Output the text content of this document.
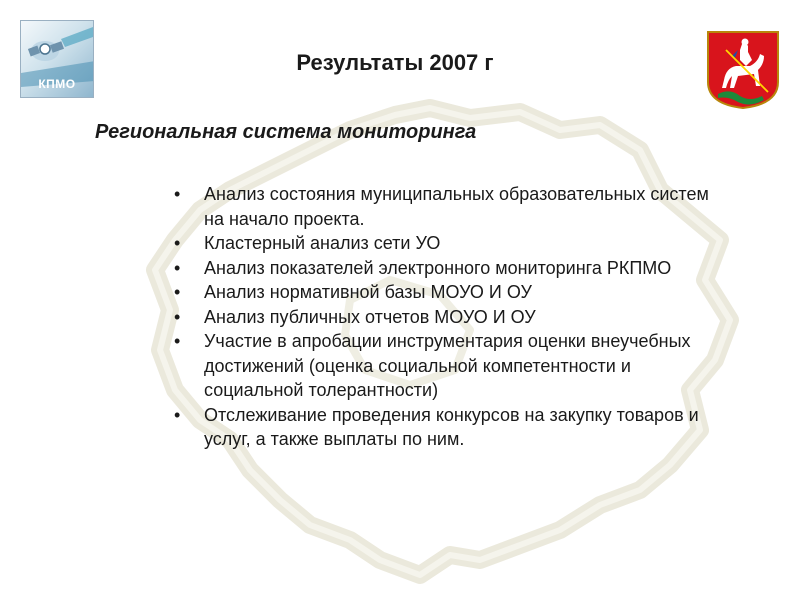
КПМО
Результаты 2007 г
Региональная система мониторинга
• Анализ состояния муниципальных образовательных систем на начало проекта.
• Кластерный анализ сети УО
• Анализ показателей электронного мониторинга РКПМО
• Анализ нормативной базы МОУО И ОУ
• Анализ публичных отчетов МОУО И ОУ
• Участие в апробации инструментария оценки внеучебных достижений (оценка социальной компетентности и социальной толерантности)
• Отслеживание проведения конкурсов на закупку товаров и услуг, а также выплаты по ним.
